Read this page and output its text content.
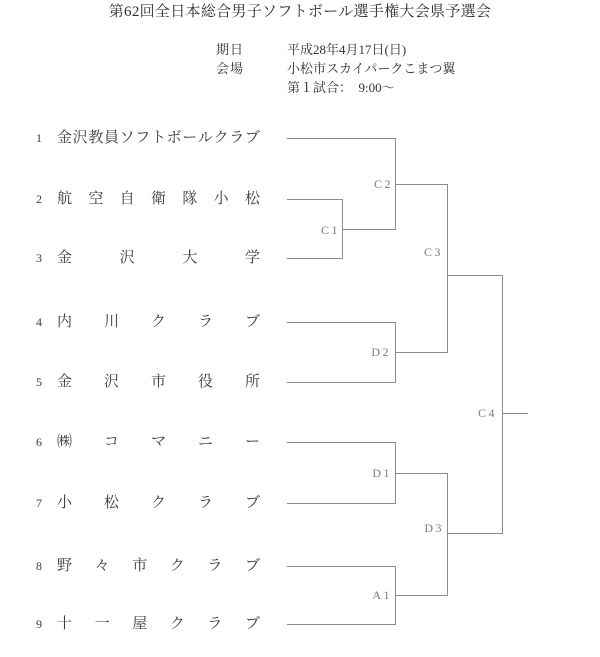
第62回全日本総合男子ソフトボール選手権大会県予選会
期日	平成28年4月17日(日)
会場	小松市スカイパークこまつ翼
第１試合：　9:00～
1 金 沢 教 員 ソ フ ト ボ ー ル ク ラ ブ
2 航 空 自 衛 隊 小 松
3 金	沢	大	学
4 内 川 ク ラ ブ
5 金 沢 市 役 所
6 ㈱ コ マ ニ ー
7 小 松 ク ラ ブ
8 野 々 市 ク ラ ブ
9 十 一 屋 ク ラ ブ
C2
C1
C3
D2
C4
D1
D3
A1
